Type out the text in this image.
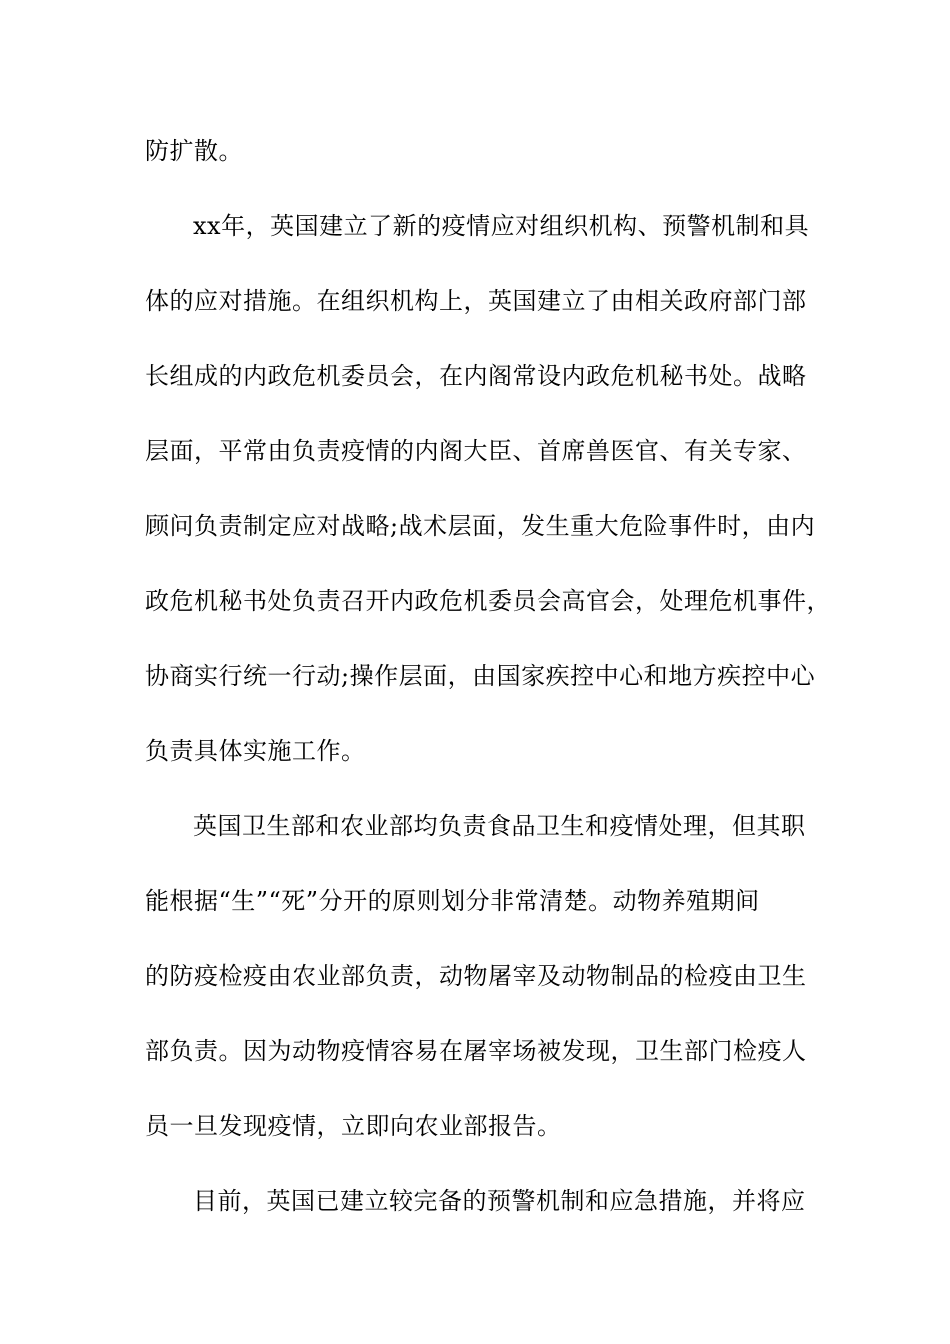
防扩散。
xx年，英国建立了新的疫情应对组织机构、预警机制和具
体的应对措施。在组织机构上，英国建立了由相关政府部门部
长组成的内政危机委员会，在内阁常设内政危机秘书处。战略
层面，平常由负责疫情的内阁大臣、首席兽医官、有关专家、
顾问负责制定应对战略;战术层面，发生重大危险事件时，由内
政危机秘书处负责召开内政危机委员会高官会，处理危机事件，
协商实行统一行动;操作层面，由国家疾控中心和地方疾控中心
负责具体实施工作。
英国卫生部和农业部均负责食品卫生和疫情处理，但其职
能根据“生”“死”分开的原则划分非常清楚。动物养殖期间
的防疫检疫由农业部负责，动物屠宰及动物制品的检疫由卫生
部负责。因为动物疫情容易在屠宰场被发现，卫生部门检疫人
员一旦发现疫情，立即向农业部报告。
目前，英国已建立较完备的预警机制和应急措施，并将应
